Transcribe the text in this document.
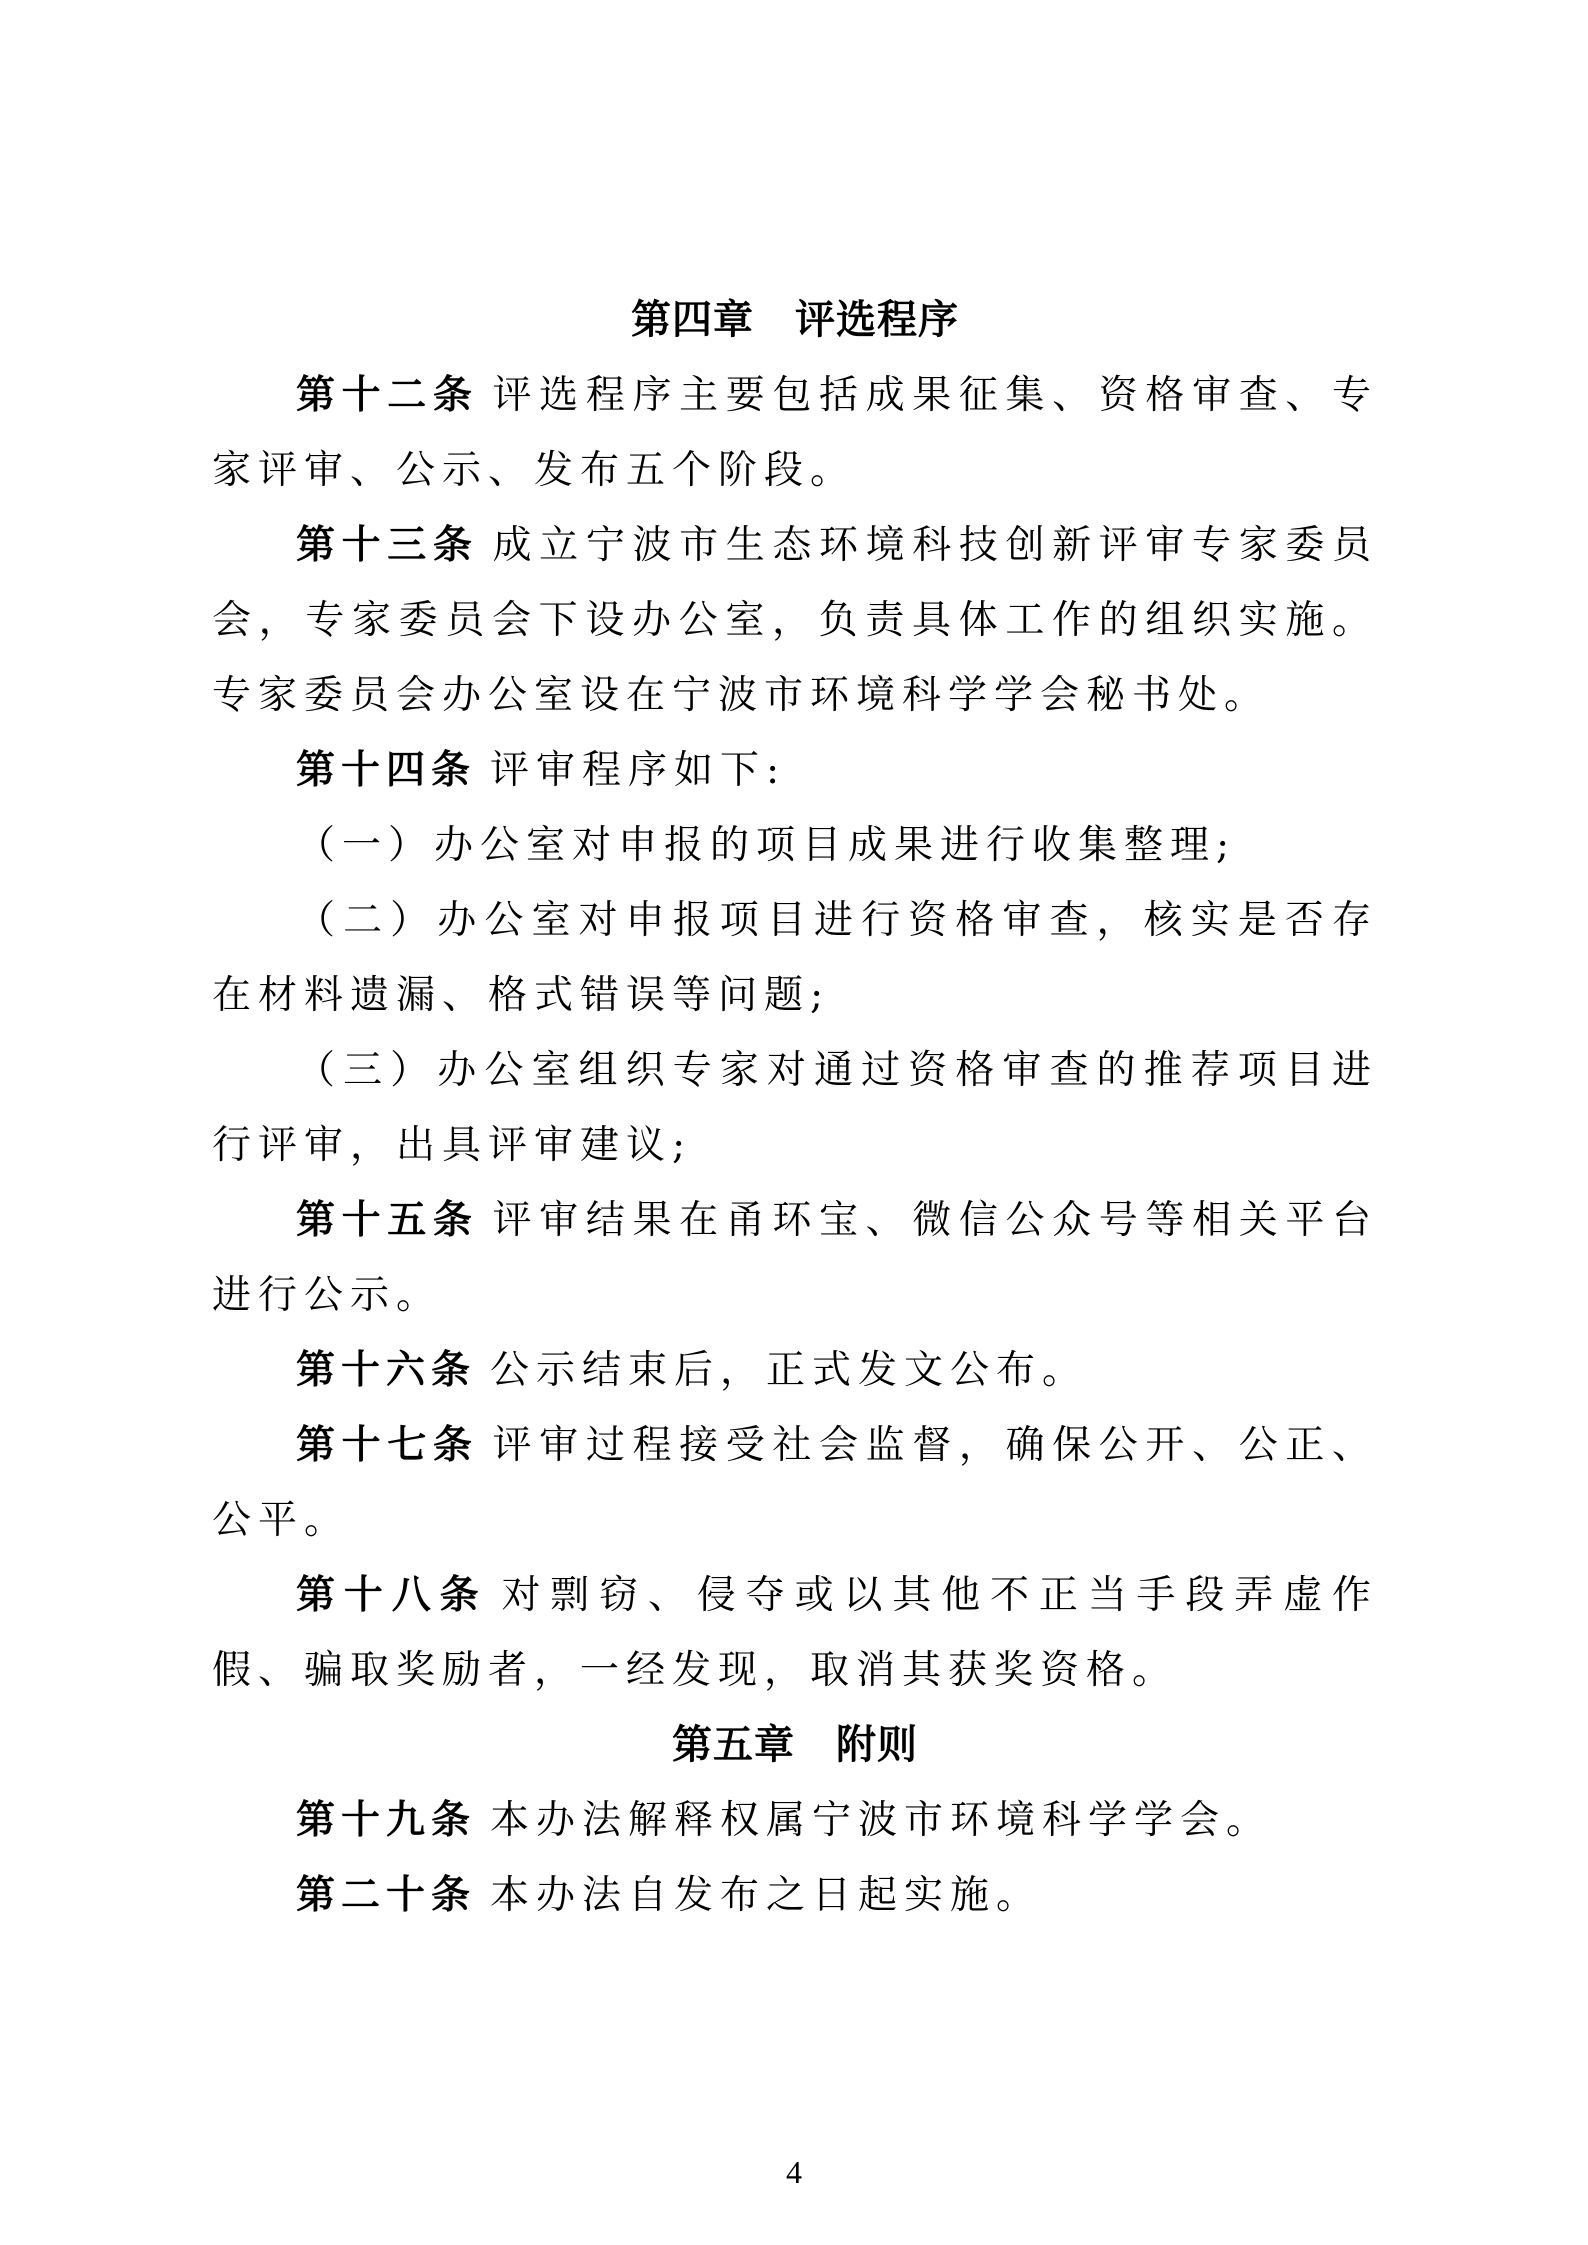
第四章　评选程序

第十二条 评选程序主要包括成果征集、资格审查、专家评审、公示、发布五个阶段。

第十三条 成立宁波市生态环境科技创新评审专家委员会，专家委员会下设办公室，负责具体工作的组织实施。专家委员会办公室设在宁波市环境科学学会秘书处。

第十四条 评审程序如下:

（一）办公室对申报的项目成果进行收集整理;

（二）办公室对申报项目进行资格审查，核实是否存在材料遗漏、格式错误等问题;

（三）办公室组织专家对通过资格审查的推荐项目进行评审，出具评审建议;

第十五条 评审结果在甬环宝、微信公众号等相关平台进行公示。

第十六条 公示结束后，正式发文公布。

第十七条 评审过程接受社会监督，确保公开、公正、公平。

第十八条 对剽窃、侵夺或以其他不正当手段弄虚作假、骗取奖励者，一经发现，取消其获奖资格。

第五章　附则

第十九条 本办法解释权属宁波市环境科学学会。

第二十条 本办法自发布之日起实施。

4
